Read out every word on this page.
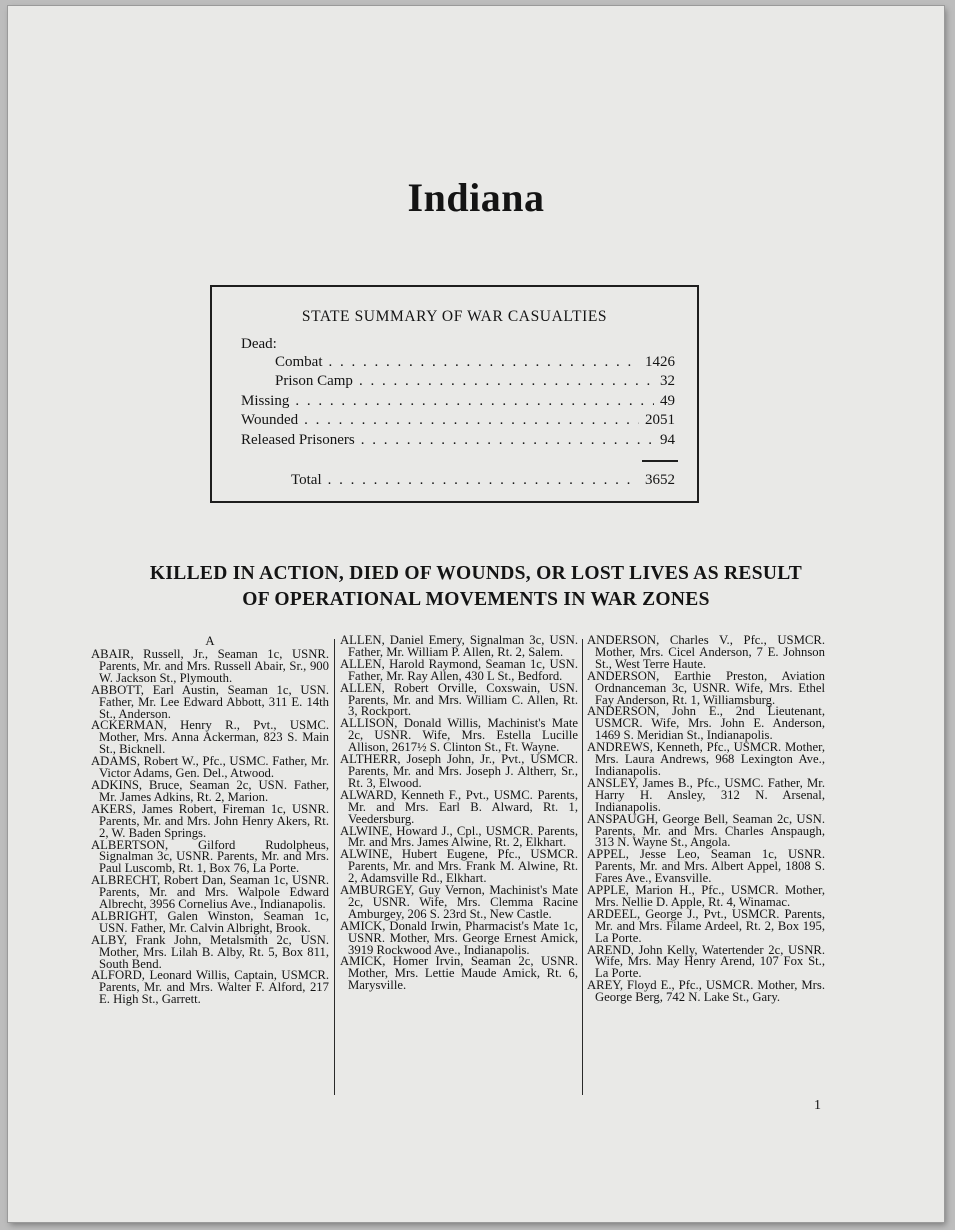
Indiana
STATE SUMMARY OF WAR CASUALTIES
Dead:
Combat . . .	1426
Prison Camp . . .	32
Missing . . .	49
Wounded . . .	2051
Released Prisoners . . .	94
Total . . .	3652
KILLED IN ACTION, DIED OF WOUNDS, OR LOST LIVES AS RESULT
OF OPERATIONAL MOVEMENTS IN WAR ZONES
A

ABAIR, Russell, Jr., Seaman 1c, USNR. Parents, Mr. and Mrs. Russell Abair, Sr., 900 W. Jackson St., Plymouth.

ABBOTT, Earl Austin, Seaman 1c, USN. Father, Mr. Lee Edward Abbott, 311 E. 14th St., Anderson.

ACKERMAN, Henry R., Pvt., USMC. Mother, Mrs. Anna Ackerman, 823 S. Main St., Bicknell.

ADAMS, Robert W., Pfc., USMC. Father, Mr. Victor Adams, Gen. Del., Atwood.

ADKINS, Bruce, Seaman 2c, USN. Father, Mr. James Adkins, Rt. 2, Marion.

AKERS, James Robert, Fireman 1c, USNR. Parents, Mr. and Mrs. John Henry Akers, Rt. 2, W. Baden Springs.

ALBERTSON, Gilford Rudolpheus, Signalman 3c, USNR. Parents, Mr. and Mrs. Paul Luscomb, Rt. 1, Box 76, La Porte.

ALBRECHT, Robert Dan, Seaman 1c, USNR. Parents, Mr. and Mrs. Walpole Edward Albrecht, 3956 Cornelius Ave., Indianapolis.

ALBRIGHT, Galen Winston, Seaman 1c, USN. Father, Mr. Calvin Albright, Brook.

ALBY, Frank John, Metalsmith 2c, USN. Mother, Mrs. Lilah B. Alby, Rt. 5, Box 811, South Bend.

ALFORD, Leonard Willis, Captain, USMCR. Parents, Mr. and Mrs. Walter F. Alford, 217 E. High St., Garrett.

ALLEN, Daniel Emery, Signalman 3c, USN. Father, Mr. William P. Allen, Rt. 2, Salem.

ALLEN, Harold Raymond, Seaman 1c, USN. Father, Mr. Ray Allen, 430 L St., Bedford.

ALLEN, Robert Orville, Coxswain, USN. Parents, Mr. and Mrs. William C. Allen, Rt. 3, Rockport.

ALLISON, Donald Willis, Machinist's Mate 2c, USNR. Wife, Mrs. Estella Lucille Allison, 2617½ S. Clinton St., Ft. Wayne.

ALTHERR, Joseph John, Jr., Pvt., USMCR. Parents, Mr. and Mrs. Joseph J. Altherr, Sr., Rt. 3, Elwood.

ALWARD, Kenneth F., Pvt., USMC. Parents, Mr. and Mrs. Earl B. Alward, Rt. 1, Veedersburg.

ALWINE, Howard J., Cpl., USMCR. Parents, Mr. and Mrs. James Alwine, Rt. 2, Elkhart.

ALWINE, Hubert Eugene, Pfc., USMCR. Parents, Mr. and Mrs. Frank M. Alwine, Rt. 2, Adamsville Rd., Elkhart.

AMBURGEY, Guy Vernon, Machinist's Mate 2c, USNR. Wife, Mrs. Clemma Racine Amburgey, 206 S. 23rd St., New Castle.

AMICK, Donald Irwin, Pharmacist's Mate 1c, USNR. Mother, Mrs. George Ernest Amick, 3919 Rockwood Ave., Indianapolis.

AMICK, Homer Irvin, Seaman 2c, USNR. Mother, Mrs. Lettie Maude Amick, Rt. 6, Marysville.

ANDERSON, Charles V., Pfc., USMCR. Mother, Mrs. Cicel Anderson, 7 E. Johnson St., West Terre Haute.

ANDERSON, Earthie Preston, Aviation Ordnanceman 3c, USNR. Wife, Mrs. Ethel Fay Anderson, Rt. 1, Williamsburg.

ANDERSON, John E., 2nd Lieutenant, USMCR. Wife, Mrs. John E. Anderson, 1469 S. Meridian St., Indianapolis.

ANDREWS, Kenneth, Pfc., USMCR. Mother, Mrs. Laura Andrews, 968 Lexington Ave., Indianapolis.

ANSLEY, James B., Pfc., USMC. Father, Mr. Harry H. Ansley, 312 N. Arsenal, Indianapolis.

ANSPAUGH, George Bell, Seaman 2c, USN. Parents, Mr. and Mrs. Charles Anspaugh, 313 N. Wayne St., Angola.

APPEL, Jesse Leo, Seaman 1c, USNR. Parents, Mr. and Mrs. Albert Appel, 1808 S. Fares Ave., Evansville.

APPLE, Marion H., Pfc., USMCR. Mother, Mrs. Nellie D. Apple, Rt. 4, Winamac.

ARDEEL, George J., Pvt., USMCR. Parents, Mr. and Mrs. Filame Ardeel, Rt. 2, Box 195, La Porte.

AREND, John Kelly, Watertender 2c, USNR. Wife, Mrs. May Henry Arend, 107 Fox St., La Porte.

AREY, Floyd E., Pfc., USMCR. Mother, Mrs. George Berg, 742 N. Lake St., Gary.

1
